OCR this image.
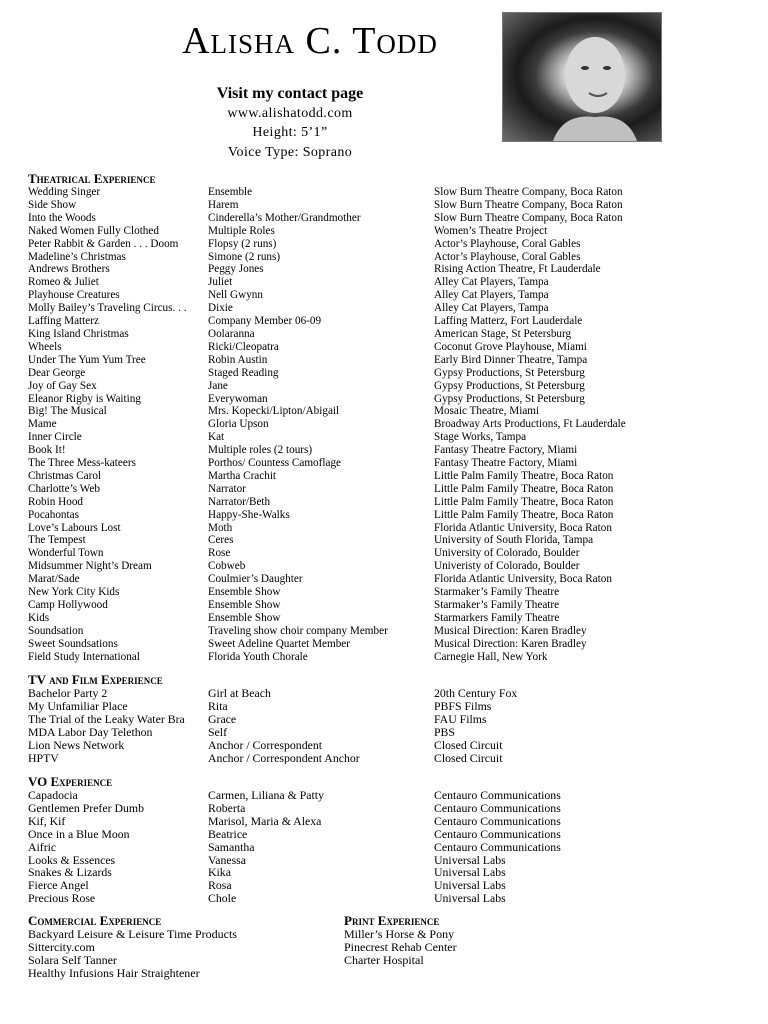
Alisha C. Todd
Visit my contact page
www.alishatodd.com
Height: 5’1”
Voice Type: Soprano
Theatrical Experience
Wedding Singer	Ensemble	Slow Burn Theatre Company, Boca Raton
Side Show	Harem	Slow Burn Theatre Company, Boca Raton
Into the Woods	Cinderella’s Mother/Grandmother	Slow Burn Theatre Company, Boca Raton
Naked Women Fully Clothed	Multiple Roles	Women’s Theatre Project
Peter Rabbit & Garden . . . Doom	Flopsy (2 runs)	Actor’s Playhouse, Coral Gables
Madeline’s Christmas	Simone (2 runs)	Actor’s Playhouse, Coral Gables
Andrews Brothers	Peggy Jones	Rising Action Theatre, Ft Lauderdale
Romeo & Juliet	Juliet	Alley Cat Players, Tampa
Playhouse Creatures	Nell Gwynn	Alley Cat Players, Tampa
Molly Bailey’s Traveling Circus. . .	Dixie	Alley Cat Players, Tampa
Laffing Matterz	Company Member 06-09	Laffing Matterz, Fort Lauderdale
King Island Christmas	Oolaranna	American Stage, St Petersburg
Wheels	Ricki/Cleopatra	Coconut Grove Playhouse, Miami
Under The Yum Yum Tree	Robin Austin	Early Bird Dinner Theatre, Tampa
Dear George	Staged Reading	Gypsy Productions, St Petersburg
Joy of Gay Sex	Jane	Gypsy Productions, St Petersburg
Eleanor Rigby is Waiting	Everywoman	Gypsy Productions, St Petersburg
Big! The Musical	Mrs. Kopecki/Lipton/Abigail	Mosaic Theatre, Miami
Mame	Gloria Upson	Broadway Arts Productions, Ft Lauderdale
Inner Circle	Kat	Stage Works, Tampa
Book It!	Multiple roles (2 tours)	Fantasy Theatre Factory, Miami
The Three Mess-kateers	Porthos/ Countess Camoflage	Fantasy Theatre Factory, Miami
Christmas Carol	Martha Crachit	Little Palm Family Theatre, Boca Raton
Charlotte’s Web	Narrator	Little Palm Family Theatre, Boca Raton
Robin Hood	Narrator/Beth	Little Palm Family Theatre, Boca Raton
Pocahontas	Happy-She-Walks	Little Palm Family Theatre, Boca Raton
Love’s Labours Lost	Moth	Florida Atlantic University, Boca Raton
The Tempest	Ceres	University of South Florida, Tampa
Wonderful Town	Rose	University of Colorado, Boulder
Midsummer Night’s Dream	Cobweb	Univeristy of Colorado, Boulder
Marat/Sade	Coulmier’s Daughter	Florida Atlantic University, Boca Raton
New York City Kids	Ensemble Show	Starmaker’s Family Theatre
Camp Hollywood	Ensemble Show	Starmaker’s Family Theatre
Kids	Ensemble Show	Starmarkers Family Theatre
Soundsation	Traveling show choir company Member	Musical Direction: Karen Bradley
Sweet Soundsations	Sweet Adeline Quartet Member	Musical Direction: Karen Bradley
Field Study International	Florida Youth Chorale	Carnegie Hall, New York
TV and Film Experience
Bachelor Party 2	Girl at Beach	20th Century Fox
My Unfamiliar Place	Rita	PBFS Films
The Trial of the Leaky Water Bra	Grace	FAU Films
MDA Labor Day Telethon	Self	PBS
Lion News Network	Anchor / Correspondent	Closed Circuit
HPTV	Anchor / Correspondent Anchor	Closed Circuit
VO Experience
Capadocia	Carmen, Liliana & Patty	Centauro Communications
Gentlemen Prefer Dumb	Roberta	Centauro Communications
Kif, Kif	Marisol, Maria & Alexa	Centauro Communications
Once in a Blue Moon	Beatrice	Centauro Communications
Aifric	Samantha	Centauro Communications
Looks & Essences	Vanessa	Universal Labs
Snakes & Lizards	Kika	Universal Labs
Fierce Angel	Rosa	Universal Labs
Precious Rose	Chole	Universal Labs
Commercial Experience
Backyard Leisure & Leisure Time Products
Sittercity.com
Solara Self Tanner
Healthy Infusions Hair Straightener
Print Experience
Miller’s Horse & Pony
Pinecrest Rehab Center
Charter Hospital
